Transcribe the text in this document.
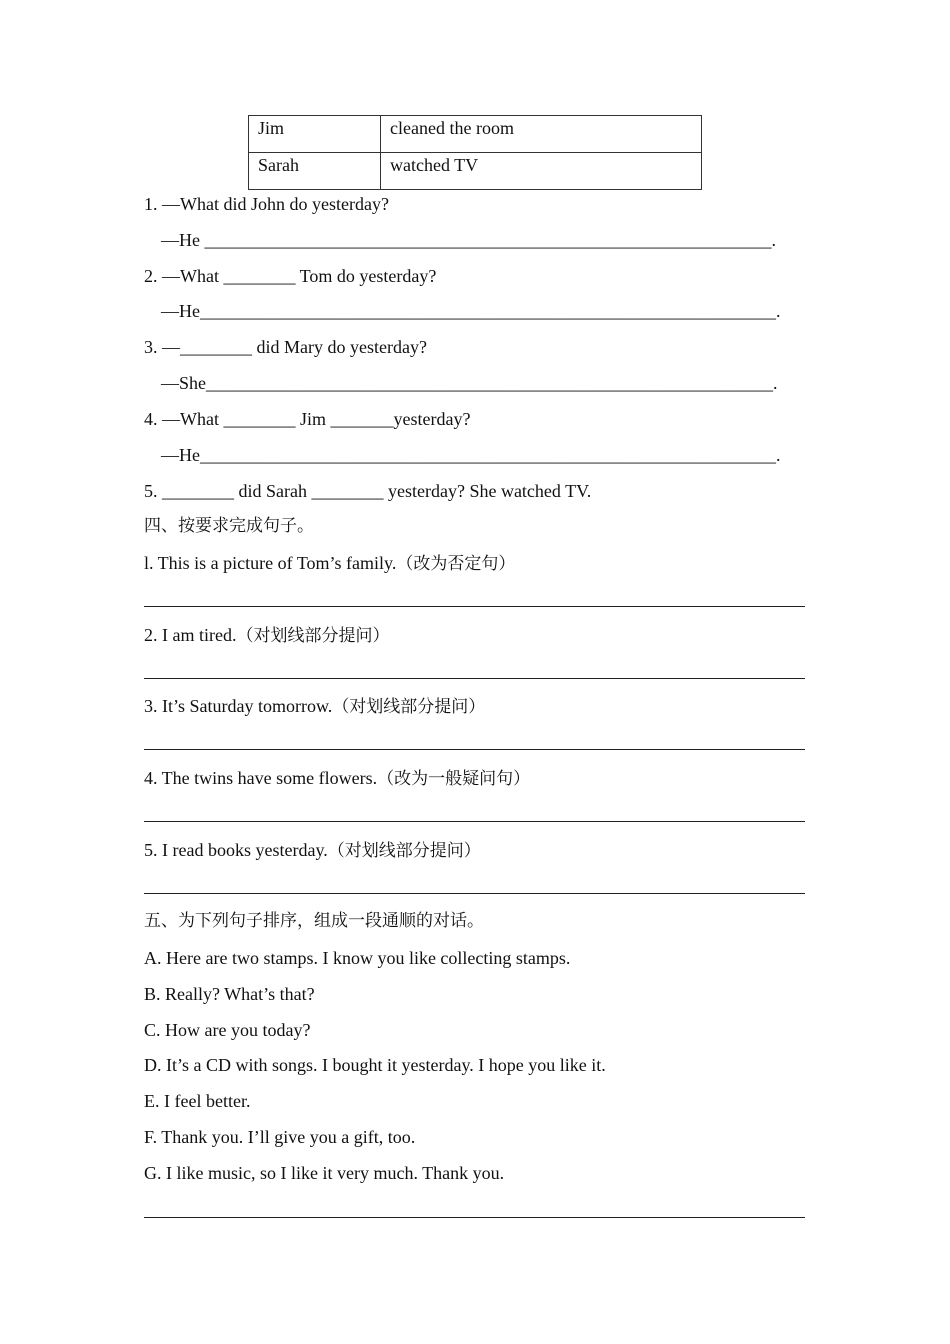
Jim	cleaned the room
Sarah	watched TV
1. —What did John do yesterday?
—He _______________________________________________________________.
2. —What ________ Tom do yesterday?
—He________________________________________________________________.
3. —________ did Mary do yesterday?
—She_______________________________________________________________.
4. —What ________ Jim _______yesterday?
—He________________________________________________________________.
5. ________ did Sarah ________ yesterday? She watched TV.
四、按要求完成句子。
l. This is a picture of Tom’s family.（改为否定句）
2. I am tired.（对划线部分提问）
3. It’s Saturday tomorrow.（对划线部分提问）
4. The twins have some flowers.（改为一般疑问句）
5. I read books yesterday.（对划线部分提问）
五、为下列句子排序，组成一段通顺的对话。
A. Here are two stamps. I know you like collecting stamps.
B. Really? What’s that?
C. How are you today?
D. It’s a CD with songs. I bought it yesterday. I hope you like it.
E. I feel better.
F. Thank you. I’ll give you a gift, too.
G. I like music, so I like it very much. Thank you.
